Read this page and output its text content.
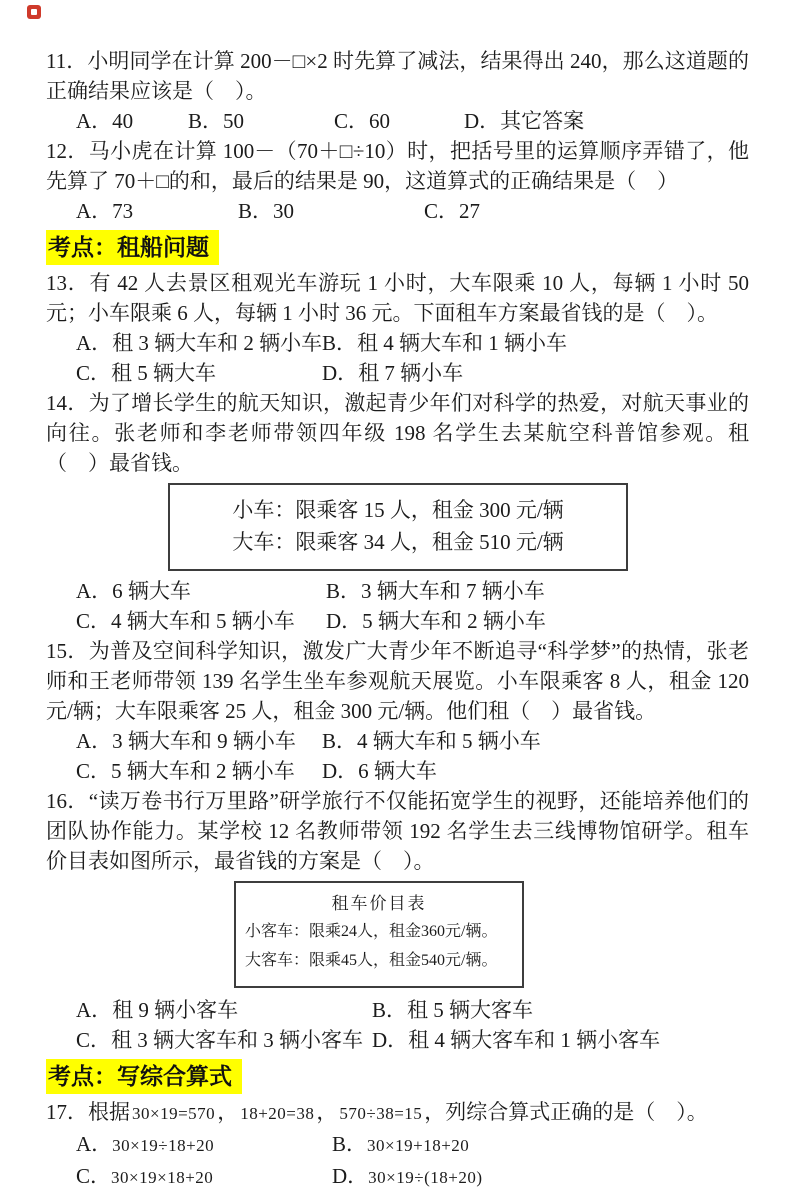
11．小明同学在计算 200－□×2 时先算了减法，结果得出 240，那么这道题的正确结果应该是（　）。

A．40	B．50	C．60	D．其它答案

12．马小虎在计算 100－（70＋□÷10）时，把括号里的运算顺序弄错了，他先算了 70＋□的和，最后的结果是 90，这道算式的正确结果是（　）

A．73	B．30	C．27
考点：租船问题

13．有 42 人去景区租观光车游玩 1 小时，大车限乘 10 人，每辆 1 小时 50 元；小车限乘 6 人，每辆 1 小时 36 元。下面租车方案最省钱的是（　）。

A．租 3 辆大车和 2 辆小车 B．租 4 辆大车和 1 辆小车
C．租 5 辆大车	D．租 7 辆小车

14．为了增长学生的航天知识，激起青少年们对科学的热爱，对航天事业的向往。张老师和李老师带领四年级 198 名学生去某航空科普馆参观。租（　）最省钱。

小车：限乘客 15 人，租金 300 元/辆

大车：限乘客 34 人，租金 510 元/辆

A．6 辆大车	B．3 辆大车和 7 辆小车
C．4 辆大车和 5 辆小车	D．5 辆大车和 2 辆小车

15．为普及空间科学知识，激发广大青少年不断追寻“科学梦”的热情，张老师和王老师带领 139 名学生坐车参观航天展览。小车限乘客 8 人，租金 120 元/辆；大车限乘客 25 人，租金 300 元/辆。他们租（　）最省钱。

A．3 辆大车和 9 辆小车	B．4 辆大车和 5 辆小车
C．5 辆大车和 2 辆小车	D．6 辆大车

16．“读万卷书行万里路”研学旅行不仅能拓宽学生的视野，还能培养他们的团队协作能力。某学校 12 名教师带领 192 名学生去三线博物馆研学。租车价目表如图所示，最省钱的方案是（　）。

租车价目表

小客车：限乘24人，租金360元/辆。

大客车：限乘45人，租金540元/辆。

A．租 9 辆小客车	B．租 5 辆大客车
C．租 3 辆大客车和 3 辆小客车 D．租 4 辆大客车和 1 辆小客车
考点：写综合算式

17．根据 30×19=570， 18+20=38， 570÷38=15，列综合算式正确的是（　）。

A．30×19÷18+20	B．30×19+18+20
C．30×19×18+20	D．30×19÷(18+20)
